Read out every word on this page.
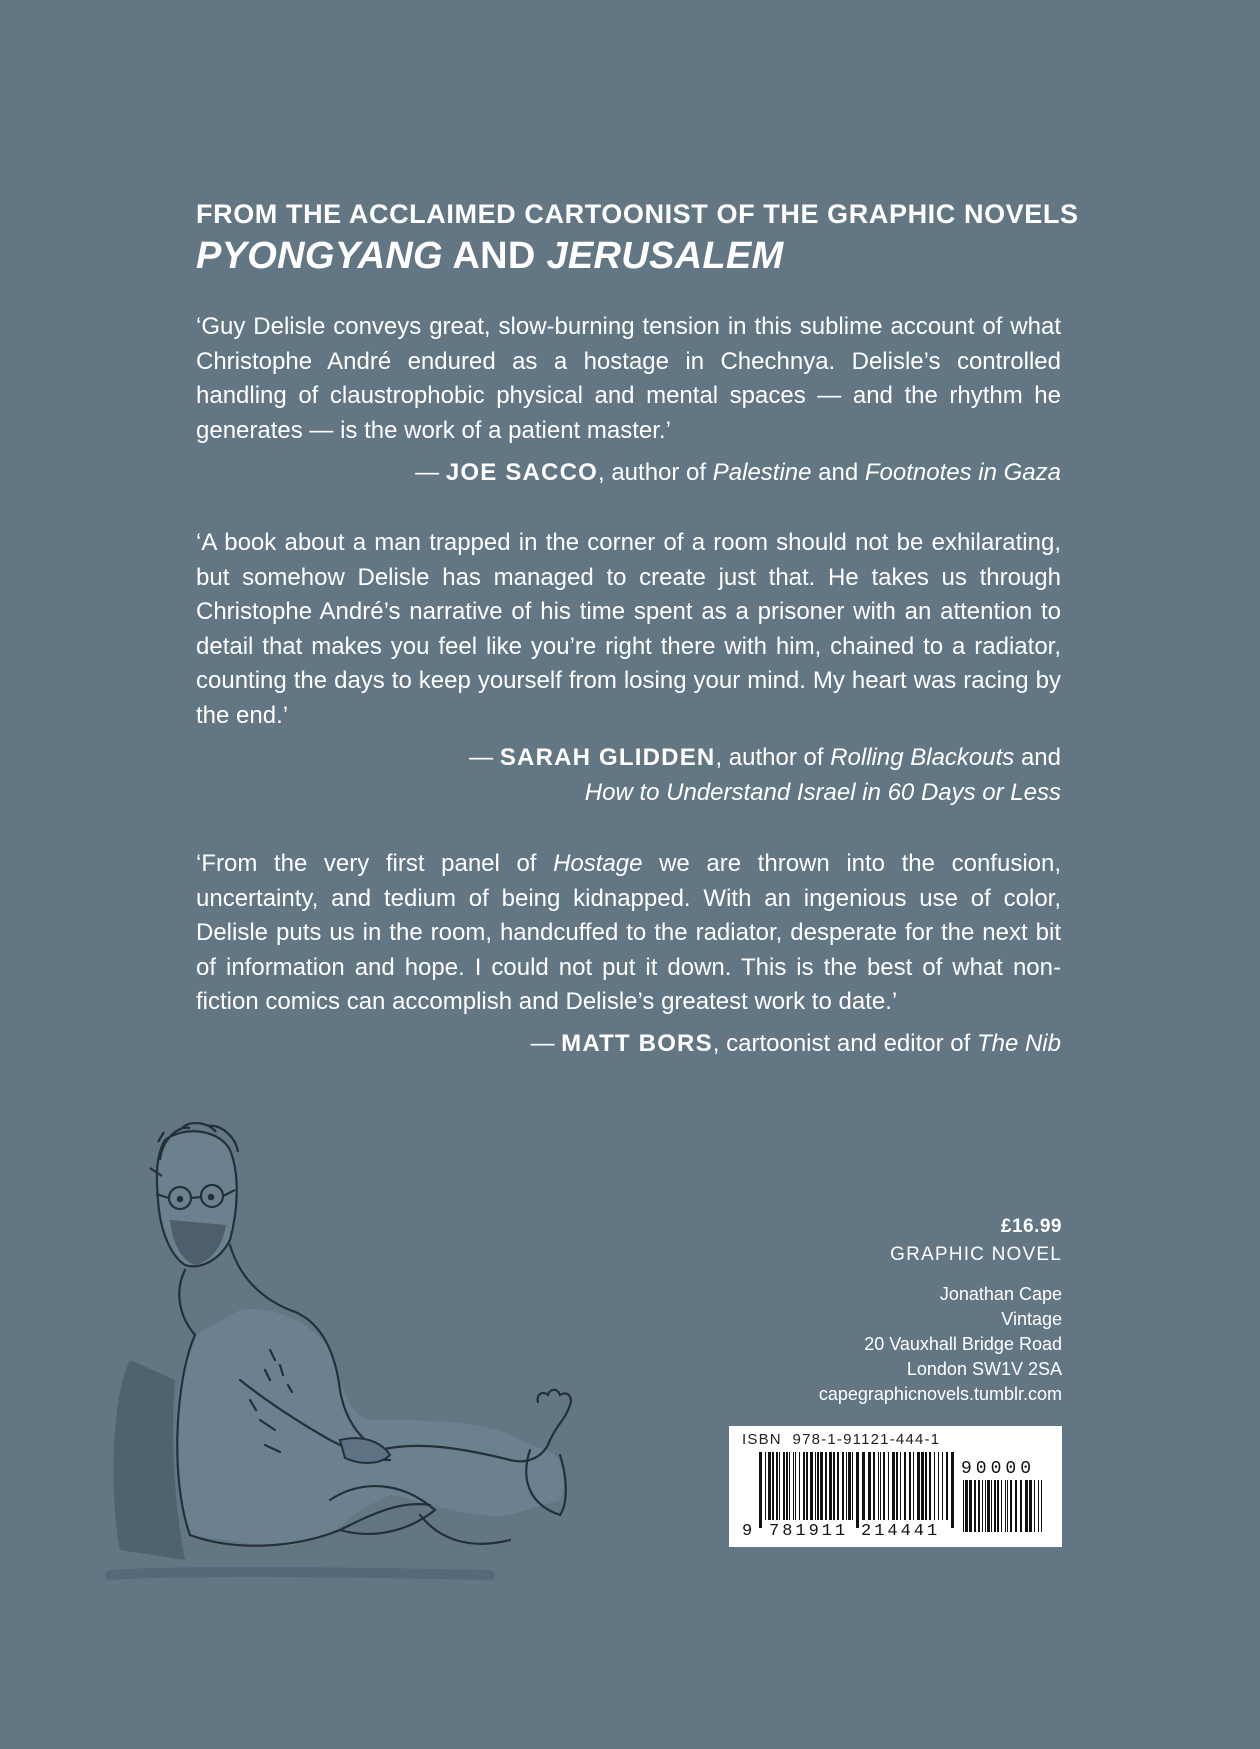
FROM THE ACCLAIMED CARTOONIST OF THE GRAPHIC NOVELS
PYONGYANG AND JERUSALEM

‘Guy Delisle conveys great, slow-burning tension in this sublime account of what Christophe André endured as a hostage in Chechnya. Delisle’s controlled handling of claustrophobic physical and mental spaces — and the rhythm he generates — is the work of a patient master.’

— JOE SACCO, author of Palestine and Footnotes in Gaza

‘A book about a man trapped in the corner of a room should not be exhilarating, but somehow Delisle has managed to create just that. He takes us through Christophe André’s narrative of his time spent as a prisoner with an attention to detail that makes you feel like you’re right there with him, chained to a radiator, counting the days to keep yourself from losing your mind. My heart was racing by the end.’

— SARAH GLIDDEN, author of Rolling Blackouts and
How to Understand Israel in 60 Days or Less

‘From the very first panel of Hostage we are thrown into the confusion, uncertainty, and tedium of being kidnapped. With an ingenious use of color, Delisle puts us in the room, handcuffed to the radiator, desperate for the next bit of information and hope. I could not put it down. This is the best of what non-fiction comics can accomplish and Delisle’s greatest work to date.’

— MATT BORS, cartoonist and editor of The Nib
£16.99
GRAPHIC NOVEL
Jonathan Cape
Vintage
20 Vauxhall Bridge Road
London SW1V 2SA
capegraphicnovels.tumblr.com
ISBN  978-1-91121-444-1
9 781911 214441
90000
